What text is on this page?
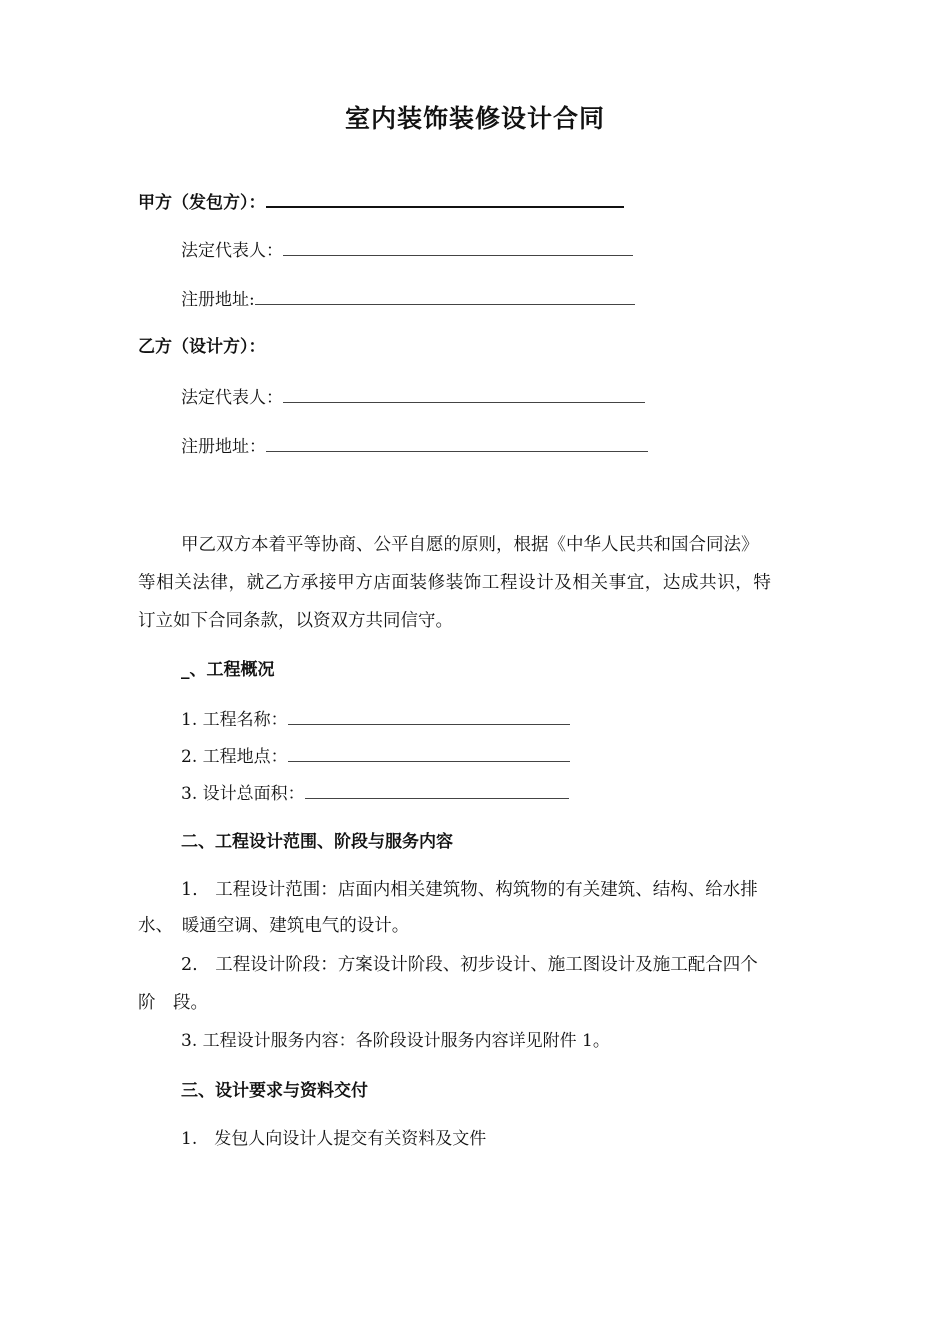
室内装饰装修设计合同
甲方（发包方）：
法定代表人：
注册地址:
乙方（设计方）：
法定代表人：
注册地址：
甲乙双方本着平等协商、公平自愿的原则，根据《中华人民共和国合同法》
等相关法律，就乙方承接甲方店面装修装饰工程设计及相关事宜，达成共识，特
订立如下合同条款，以资双方共同信守。
_、工程概况
1. 工程名称：
2. 工程地点：
3. 设计总面积：
二、工程设计范围、阶段与服务内容
1.　工程设计范围：店面内相关建筑物、构筑物的有关建筑、结构、给水排
水、　暖通空调、建筑电气的设计。
2.　工程设计阶段：方案设计阶段、初步设计、施工图设计及施工配合四个
阶　段。
3. 工程设计服务内容：各阶段设计服务内容详见附件 1。
三、设计要求与资料交付
1.　发包人向设计人提交有关资料及文件
